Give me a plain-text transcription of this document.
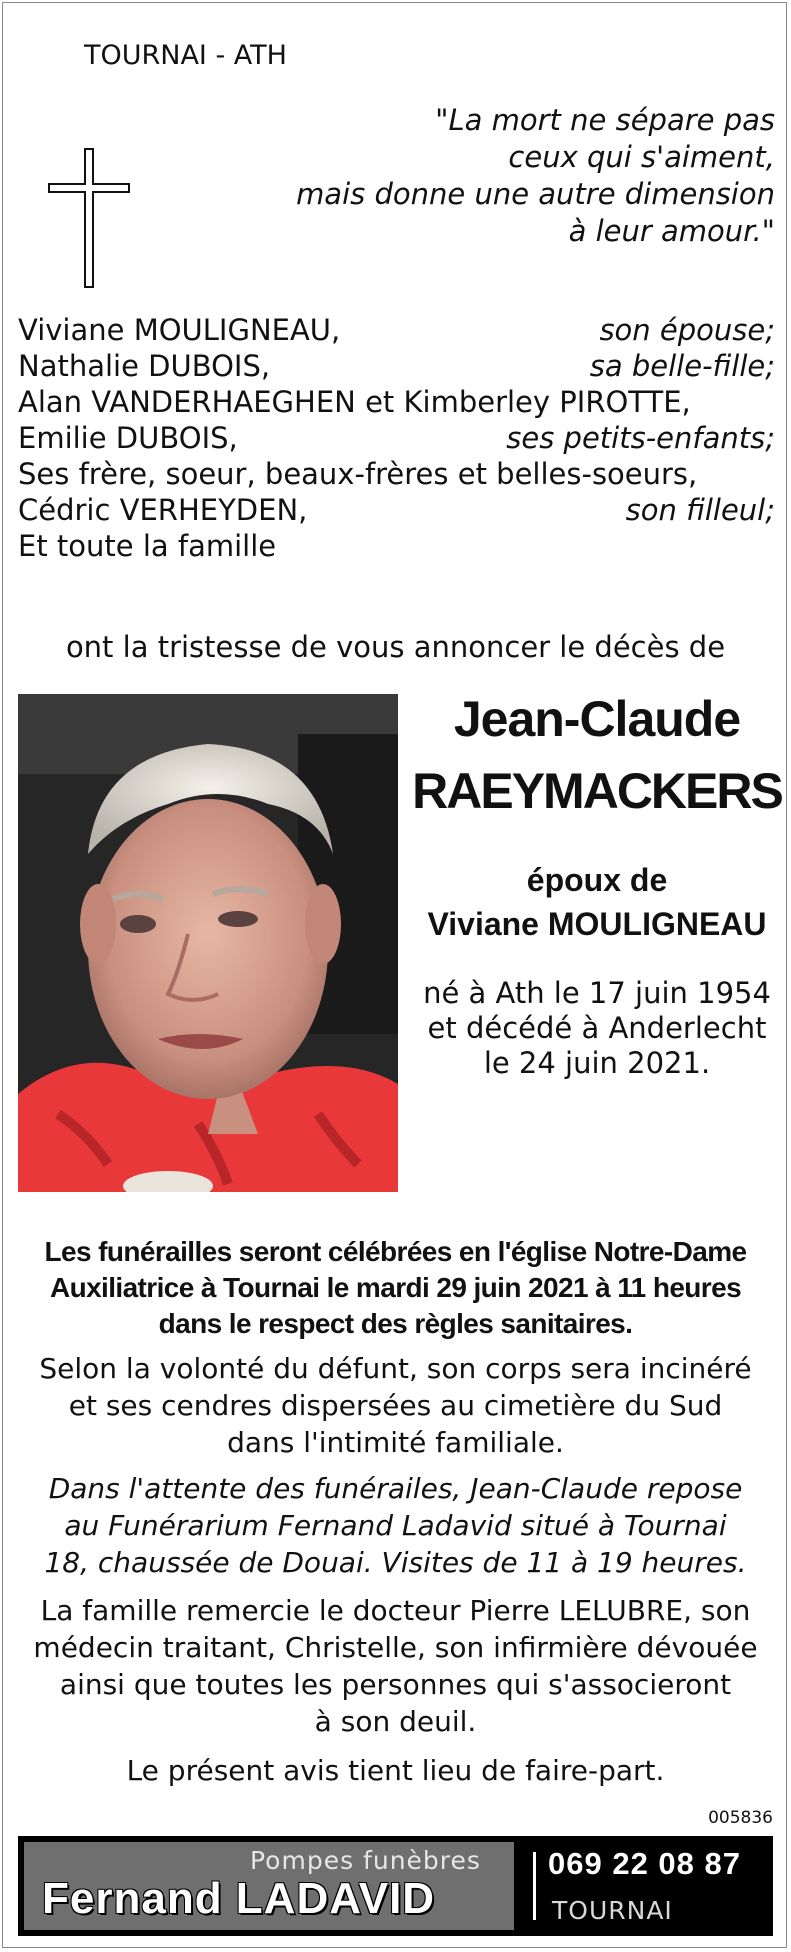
TOURNAI - ATH
"La mort ne sépare pas
ceux qui s'aiment,
mais donne une autre dimension
à leur amour."
Viviane MOULIGNEAU,	son épouse;
Nathalie DUBOIS,	sa belle-fille;
Alan VANDERHAEGHEN et Kimberley PIROTTE,
Emilie DUBOIS,	ses petits-enfants;
Ses frère, soeur, beaux-frères et belles-soeurs,
Cédric VERHEYDEN,	son filleul;
Et toute la famille
ont la tristesse de vous annoncer le décès de
Jean-Claude
RAEYMACKERS
époux de
Viviane MOULIGNEAU
né à Ath le 17 juin 1954
et décédé à Anderlecht
le 24 juin 2021.
Les funérailles seront célébrées en l'église Notre-Dame
Auxiliatrice à Tournai le mardi 29 juin 2021 à 11 heures
dans le respect des règles sanitaires.
Selon la volonté du défunt, son corps sera incinéré
et ses cendres dispersées au cimetière du Sud
dans l'intimité familiale.
Dans l'attente des funérailes, Jean-Claude repose
au Funérarium Fernand Ladavid situé à Tournai
18, chaussée de Douai. Visites de 11 à 19 heures.
La famille remercie le docteur Pierre LELUBRE, son
médecin traitant, Christelle, son infirmière dévouée
ainsi que toutes les personnes qui s'associeront
à son deuil.
Le présent avis tient lieu de faire-part.
005836
Pompes funèbres
Fernand LADAVID
069 22 08 87
TOURNAI
